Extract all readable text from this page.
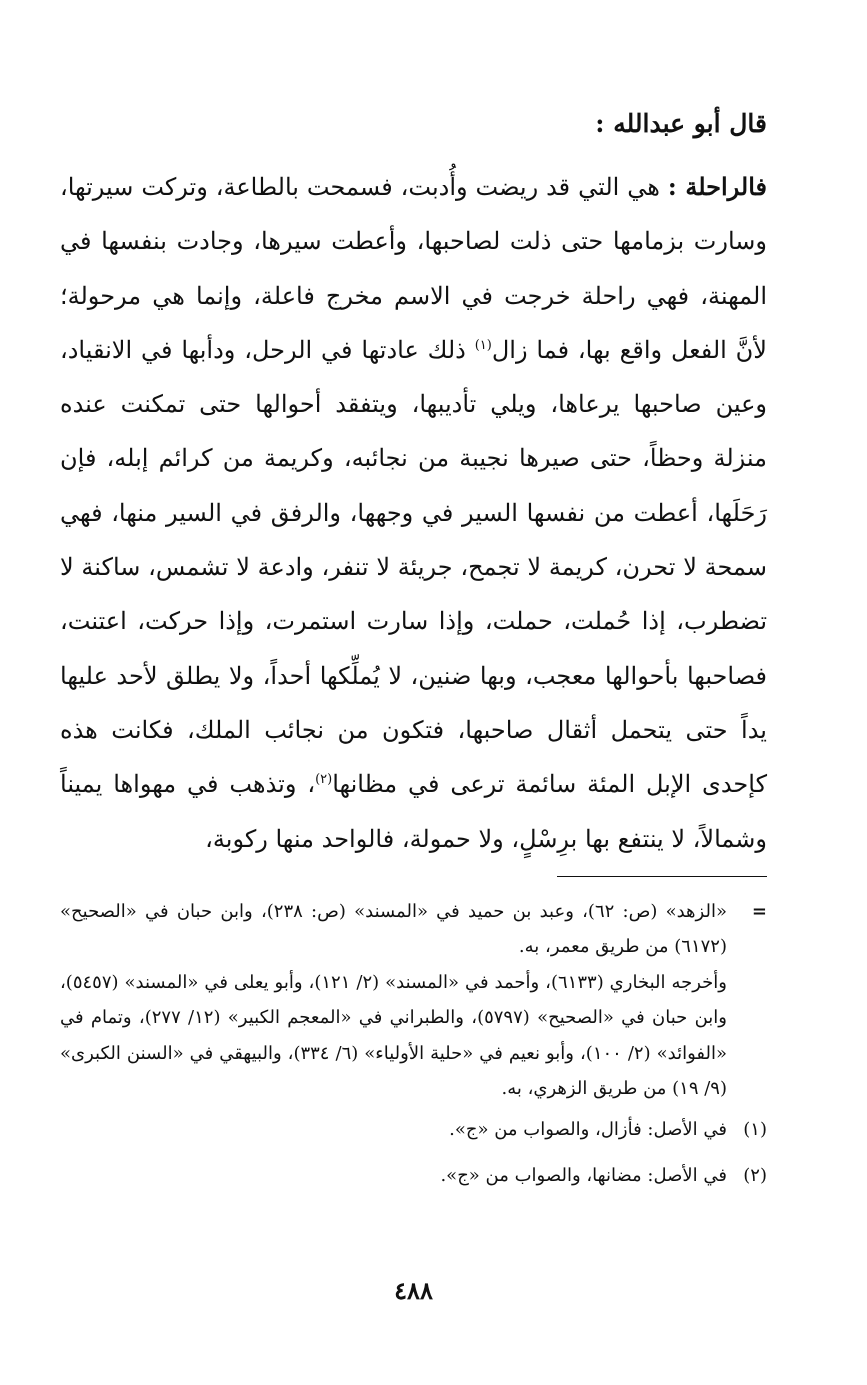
قال أبو عبدالله :

فالراحلة : هي التي قد ريضت وأُدبت، فسمحت بالطاعة، وتركت سيرتها، وسارت بزمامها حتى ذلت لصاحبها، وأعطت سيرها، وجادت بنفسها في المهنة، فهي راحلة خرجت في الاسم مخرج فاعلة، وإنما هي مرحولة؛ لأنَّ الفعل واقع بها، فما زال$^{(١)}$ ذلك عادتها في الرحل، ودأبها في الانقياد، وعين صاحبها يرعاها، ويلي تأديبها، ويتفقد أحوالها حتى تمكنت عنده منزلة وحظاً، حتى صيرها نجيبة من نجائبه، وكريمة من كرائم إبله، فإن رَحَلَها، أعطت من نفسها السير في وجهها، والرفق في السير منها، فهي سمحة لا تحرن، كريمة لا تجمح، جريئة لا تنفر، وادعة لا تشمس، ساكنة لا تضطرب، إذا حُملت، حملت، وإذا سارت استمرت، وإذا حركت، اعتنت، فصاحبها بأحوالها معجب، وبها ضنين، لا يُملِّكها أحداً، ولا يطلق لأحد عليها يداً حتى يتحمل أثقال صاحبها، فتكون من نجائب الملك، فكانت هذه كإحدى الإبل المئة سائمة ترعى في مظانها$^{(٢)}$، وتذهب في مهواها يميناً وشمالاً، لا ينتفع بها برِسْلٍ، ولا حمولة، فالواحد منها ركوبة،

=

«الزهد» (ص: ٦٢)، وعبد بن حميد في «المسند» (ص: ٢٣٨)، وابن حبان في «الصحيح» (٦١٧٢) من طريق معمر، به.

وأخرجه البخاري (٦١٣٣)، وأحمد في «المسند» (٢/ ١٢١)، وأبو يعلى في «المسند» (٥٤٥٧)، وابن حبان في «الصحيح» (٥٧٩٧)، والطبراني في «المعجم الكبير» (١٢/ ٢٧٧)، وتمام في «الفوائد» (٢/ ١٠٠)، وأبو نعيم في «حلية الأولياء» (٦/ ٣٣٤)، والبيهقي في «السنن الكبرى» (٩/ ١٩) من طريق الزهري، به.

(١)
في الأصل: فأزال، والصواب من «ج».
(٢)
في الأصل: مضانها، والصواب من «ج».

٤٨٨
